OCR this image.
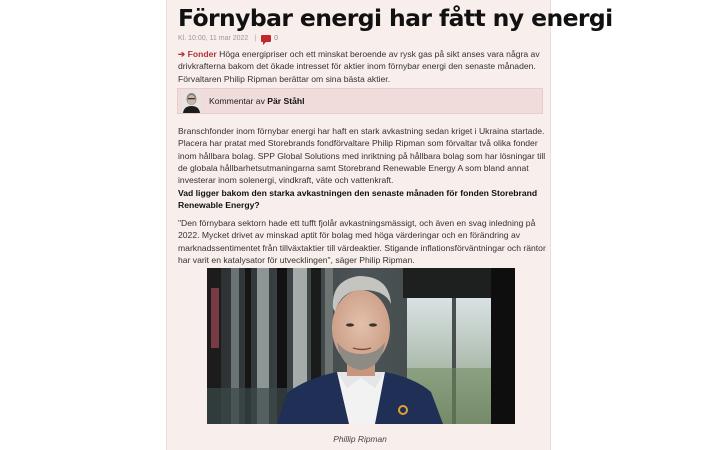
Förnybar energi har fått ny energi
Kl. 10:00, 11 mar 2022 |	0

➔ Fonder Höga energipriser och ett minskat beroende av rysk gas på sikt anses vara några av drivkrafterna bakom det ökade intresset för aktier inom förnybar energi den senaste månaden. Förvaltaren Philip Ripman berättar om sina bästa aktier.

Kommentar av Pär Ståhl

Branschfonder inom förnybar energi har haft en stark avkastning sedan kriget i Ukraina startade. Placera har pratat med Storebrands fondförvaltare Philip Ripman som förvaltar två olika fonder inom hållbara bolag. SPP Global Solutions med inriktning på hållbara bolag som har lösningar till de globala hållbarhetsutmaningarna samt Storebrand Renewable Energy A som bland annat investerar inom solenergi, vindkraft, väte och vattenkraft.

Vad ligger bakom den starka avkastningen den senaste månaden för fonden Storebrand Renewable Energy?

"Den förnybara sektorn hade ett tufft fjolår avkastningsmässigt, och även en svag inledning på 2022. Mycket drivet av minskad aptit för bolag med höga värderingar och en förändring av marknadssentimentet från tillväxtaktier till värdeaktier. Stigande inflationsförväntningar och räntor har varit en katalysator för utvecklingen", säger Philip Ripman.

Phillip Ripman
